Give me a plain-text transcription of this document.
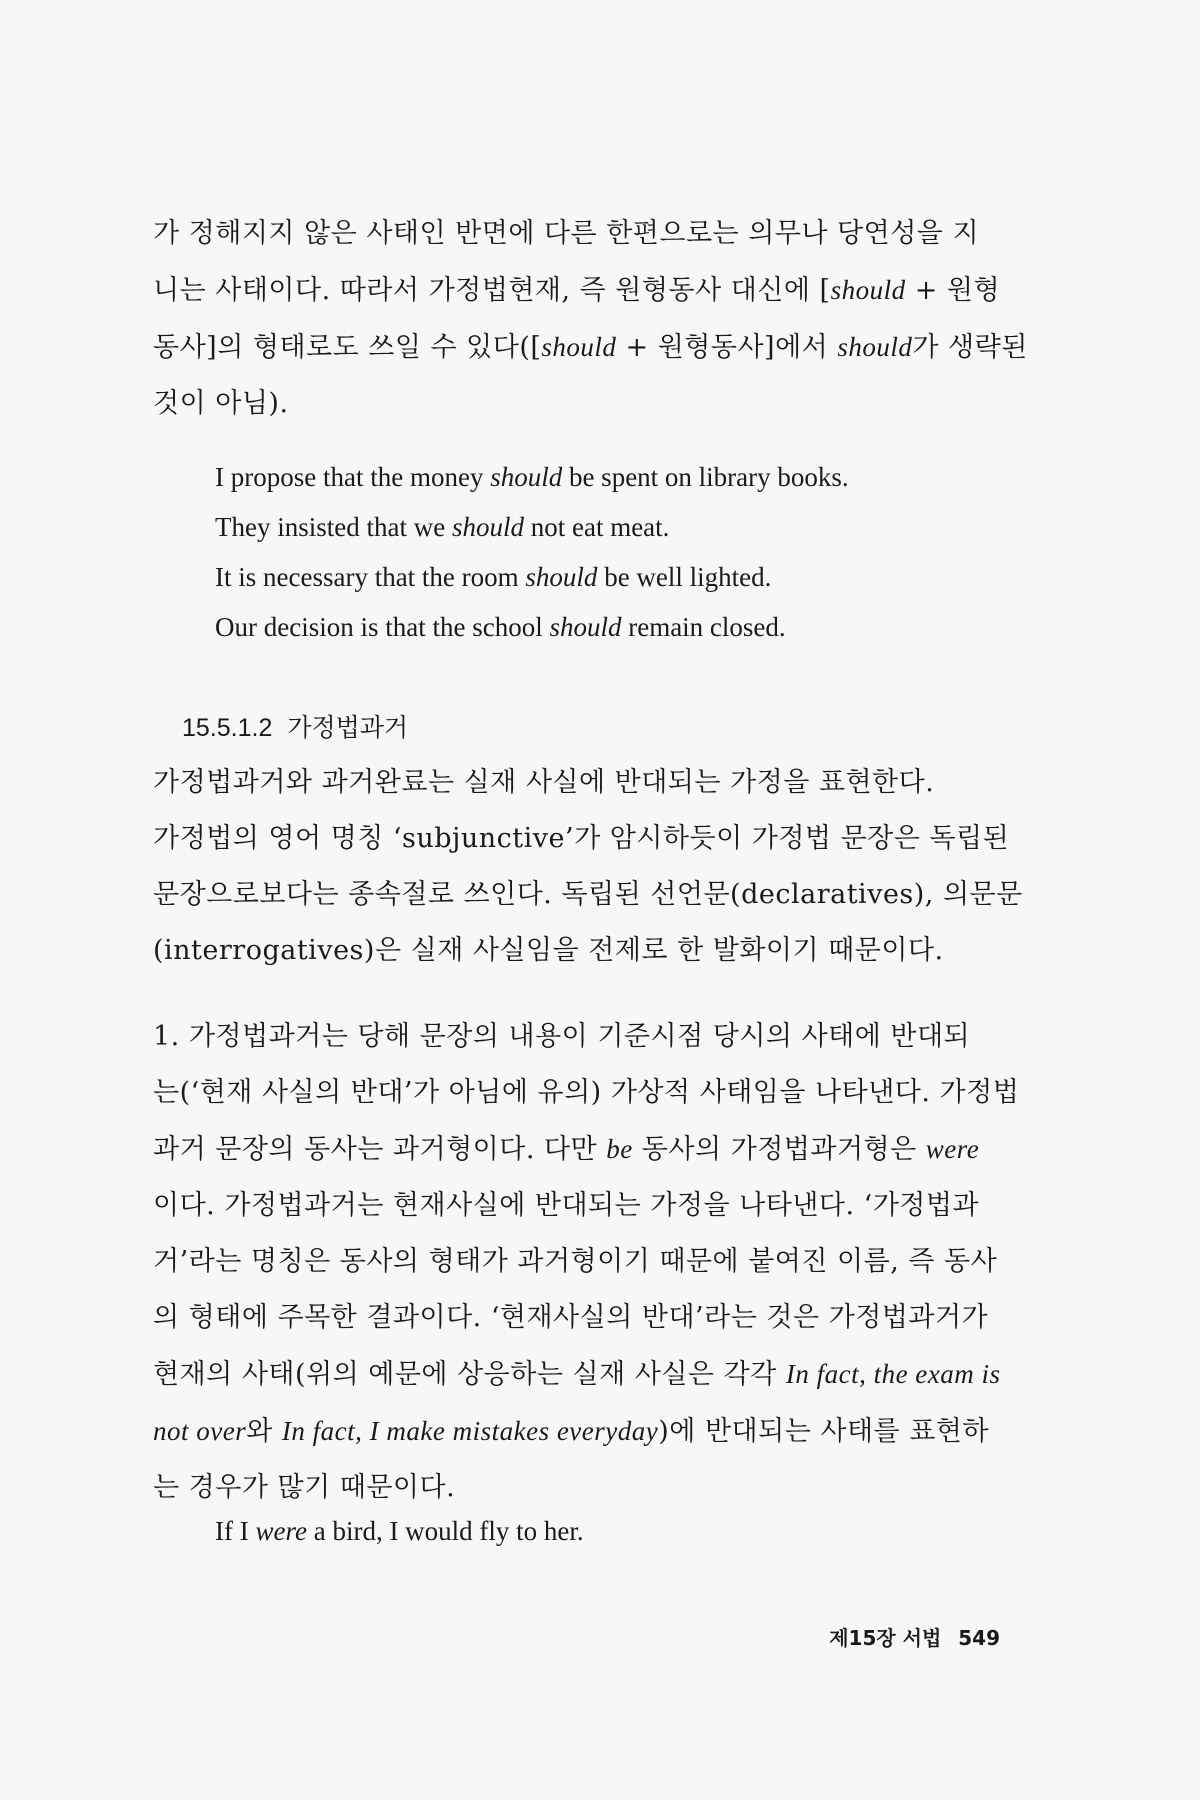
가 정해지지 않은 사태인 반면에 다른 한편으로는 의무나 당연성을 지
니는 사태이다. 따라서 가정법현재, 즉 원형동사 대신에 [should + 원형
동사]의 형태로도 쓰일 수 있다([should + 원형동사]에서 should가 생략된
것이 아님).
I propose that the money should be spent on library books.
They insisted that we should not eat meat.
It is necessary that the room should be well lighted.
Our decision is that the school should remain closed.
15.5.1.2 가정법과거
가정법과거와 과거완료는 실재 사실에 반대되는 가정을 표현한다.
가정법의 영어 명칭 ‘subjunctive’가 암시하듯이 가정법 문장은 독립된
문장으로보다는 종속절로 쓰인다. 독립된 선언문(declaratives), 의문문
(interrogatives)은 실재 사실임을 전제로 한 발화이기 때문이다.
1. 가정법과거는 당해 문장의 내용이 기준시점 당시의 사태에 반대되
는(‘현재 사실의 반대’가 아님에 유의) 가상적 사태임을 나타낸다. 가정법
과거 문장의 동사는 과거형이다. 다만 be 동사의 가정법과거형은 were
이다. 가정법과거는 현재사실에 반대되는 가정을 나타낸다. ‘가정법과
거’라는 명칭은 동사의 형태가 과거형이기 때문에 붙여진 이름, 즉 동사
의 형태에 주목한 결과이다. ‘현재사실의 반대’라는 것은 가정법과거가
현재의 사태(위의 예문에 상응하는 실재 사실은 각각 In fact, the exam is
not over와 In fact, I make mistakes everyday)에 반대되는 사태를 표현하
는 경우가 많기 때문이다.
If I were a bird, I would fly to her.
제15장 서법 549
